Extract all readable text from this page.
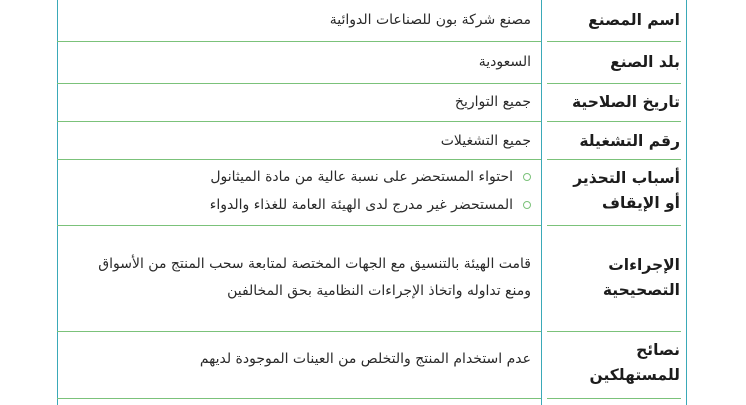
اسم المصنع
مصنع شركة بون للصناعات الدوائية
بلد الصنع
السعودية
تاريخ الصلاحية
جميع التواريخ
رقم التشغيلة
جميع التشغيلات
أسباب التحذير
أو الإيقاف
احتواء المستحضر على نسبة عالية من مادة الميثانول
المستحضر غير مدرج لدى الهيئة العامة للغذاء والدواء
الإجراءات
التصحيحية
قامت الهيئة بالتنسيق مع الجهات المختصة لمتابعة سحب المنتج من الأسواق ومنع تداوله واتخاذ الإجراءات النظامية بحق المخالفين
نصائح
للمستهلكين
عدم استخدام المنتج والتخلص من العينات الموجودة لديهم
